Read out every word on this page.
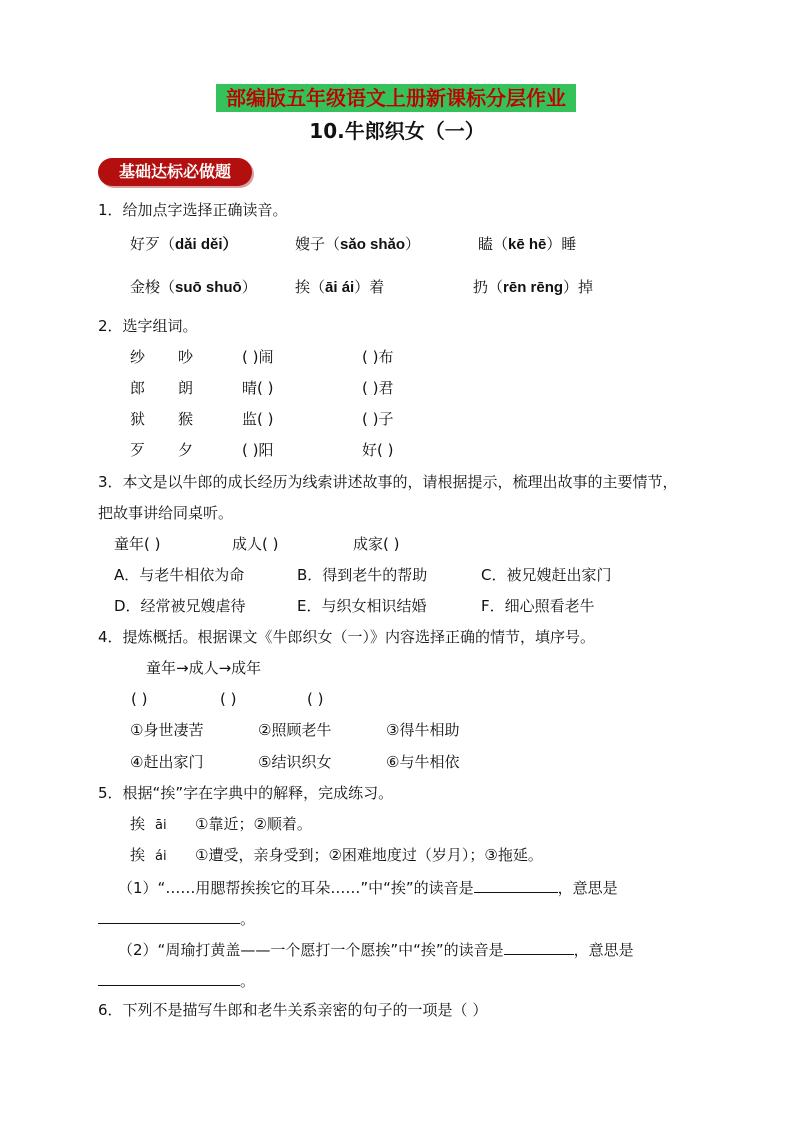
部编版五年级语文上册新课标分层作业
10.牛郎织女（一）
基础达标必做题
1．给加点字选择正确读音。
好歹（dǎi děi）	嫂子（sǎo shǎo）	瞌（kē hē）睡
金梭（suō shuō）	挨（āi ái）着	扔（rēn rēng）掉
2．选字组词。
纱 吵	( )闹	( )布
郎 朗	晴( )	( )君
狱 猴	监( )	( )子
歹 夕	( )阳	好( )
3．本文是以牛郎的成长经历为线索讲述故事的，请根据提示，梳理出故事的主要情节，
把故事讲给同桌听。
童年( )	成人( )	成家( )
A．与老牛相依为命	B．得到老牛的帮助	C．被兄嫂赶出家门
D．经常被兄嫂虐待	E．与织女相识结婚	F．细心照看老牛
4．提炼概括。根据课文《牛郎织女（一）》内容选择正确的情节，填序号。
童年→成人→成年
( )	( )	( )
①身世凄苦	②照顾老牛	③得牛相助
④赶出家门	⑤结识织女	⑥与牛相依
5．根据“挨”字在字典中的解释，完成练习。
挨 āi ①靠近；②顺着。
挨 ái ①遭受，亲身受到；②困难地度过（岁月）；③拖延。
（1）“……用腮帮挨挨它的耳朵……”中“挨”的读音是	，意思是
。
（2）“周瑜打黄盖——一个愿打一个愿挨”中“挨”的读音是	，意思是
。
6．下列不是描写牛郎和老牛关系亲密的句子的一项是（ ）
